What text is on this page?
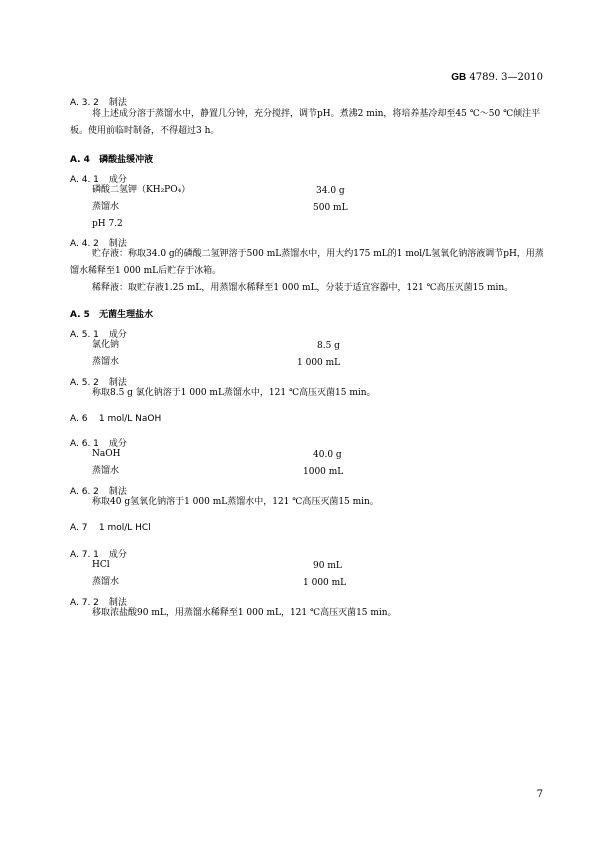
GB 4789. 3—2010
A. 3. 2 制法
将上述成分溶于蒸馏水中，静置几分钟，充分搅拌，调节pH。煮沸2 min，将培养基冷却至45 ℃～50 ℃倾注平板。使用前临时制备，不得超过3 h。
A. 4 磷酸盐缓冲液
A. 4. 1 成分
磷酸二氢钾（KH₂PO₄）	34.0 g
蒸馏水	500 mL
pH 7.2
A. 4. 2 制法
贮存液：称取34.0 g的磷酸二氢钾溶于500 mL蒸馏水中，用大约175 mL的1 mol/L氢氧化钠溶液调节pH，用蒸馏水稀释至1 000 mL后贮存于冰箱。
稀释液：取贮存液1.25 mL，用蒸馏水稀释至1 000 mL，分装于适宜容器中，121 ℃高压灭菌15 min。
A. 5 无菌生理盐水
A. 5. 1 成分
氯化钠	8.5 g
蒸馏水	1 000 mL
A. 5. 2 制法
称取8.5 g 氯化钠溶于1 000 mL蒸馏水中，121 ℃高压灭菌15 min。
A. 6 1 mol/L NaOH
A. 6. 1 成分
NaOH	40.0 g
蒸馏水	1000 mL
A. 6. 2 制法
称取40 g氢氧化钠溶于1 000 mL蒸馏水中，121 ℃高压灭菌15 min。
A. 7 1 mol/L HCl
A. 7. 1 成分
HCl	90 mL
蒸馏水	1 000 mL
A. 7. 2 制法
移取浓盐酸90 mL，用蒸馏水稀释至1 000 mL，121 ℃高压灭菌15 min。
7
